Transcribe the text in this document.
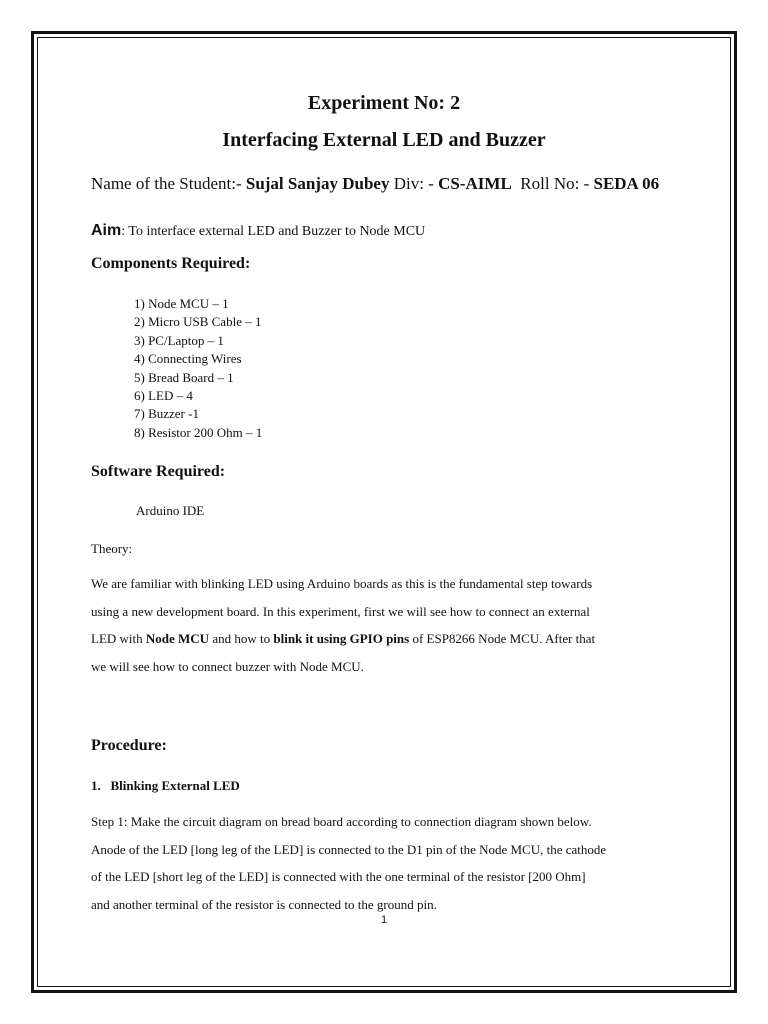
Experiment No: 2
Interfacing External LED and Buzzer
Name of the Student:- Sujal Sanjay Dubey Div: - CS-AIML  Roll No: - SEDA 06
Aim: To interface external LED and Buzzer to Node MCU
Components Required:
1) Node MCU – 1
2) Micro USB Cable – 1
3) PC/Laptop – 1
4) Connecting Wires
5) Bread Board – 1
6) LED – 4
7) Buzzer -1
8) Resistor 200 Ohm – 1
Software Required:
Arduino IDE
Theory:
We are familiar with blinking LED using Arduino boards as this is the fundamental step towards
using a new development board. In this experiment, first we will see how to connect an external
LED with Node MCU and how to blink it using GPIO pins of ESP8266 Node MCU. After that
we will see how to connect buzzer with Node MCU.
Procedure:
1.   Blinking External LED
Step 1: Make the circuit diagram on bread board according to connection diagram shown below.
Anode of the LED [long leg of the LED] is connected to the D1 pin of the Node MCU, the cathode
of the LED [short leg of the LED] is connected with the one terminal of the resistor [200 Ohm]
and another terminal of the resistor is connected to the ground pin.
1
